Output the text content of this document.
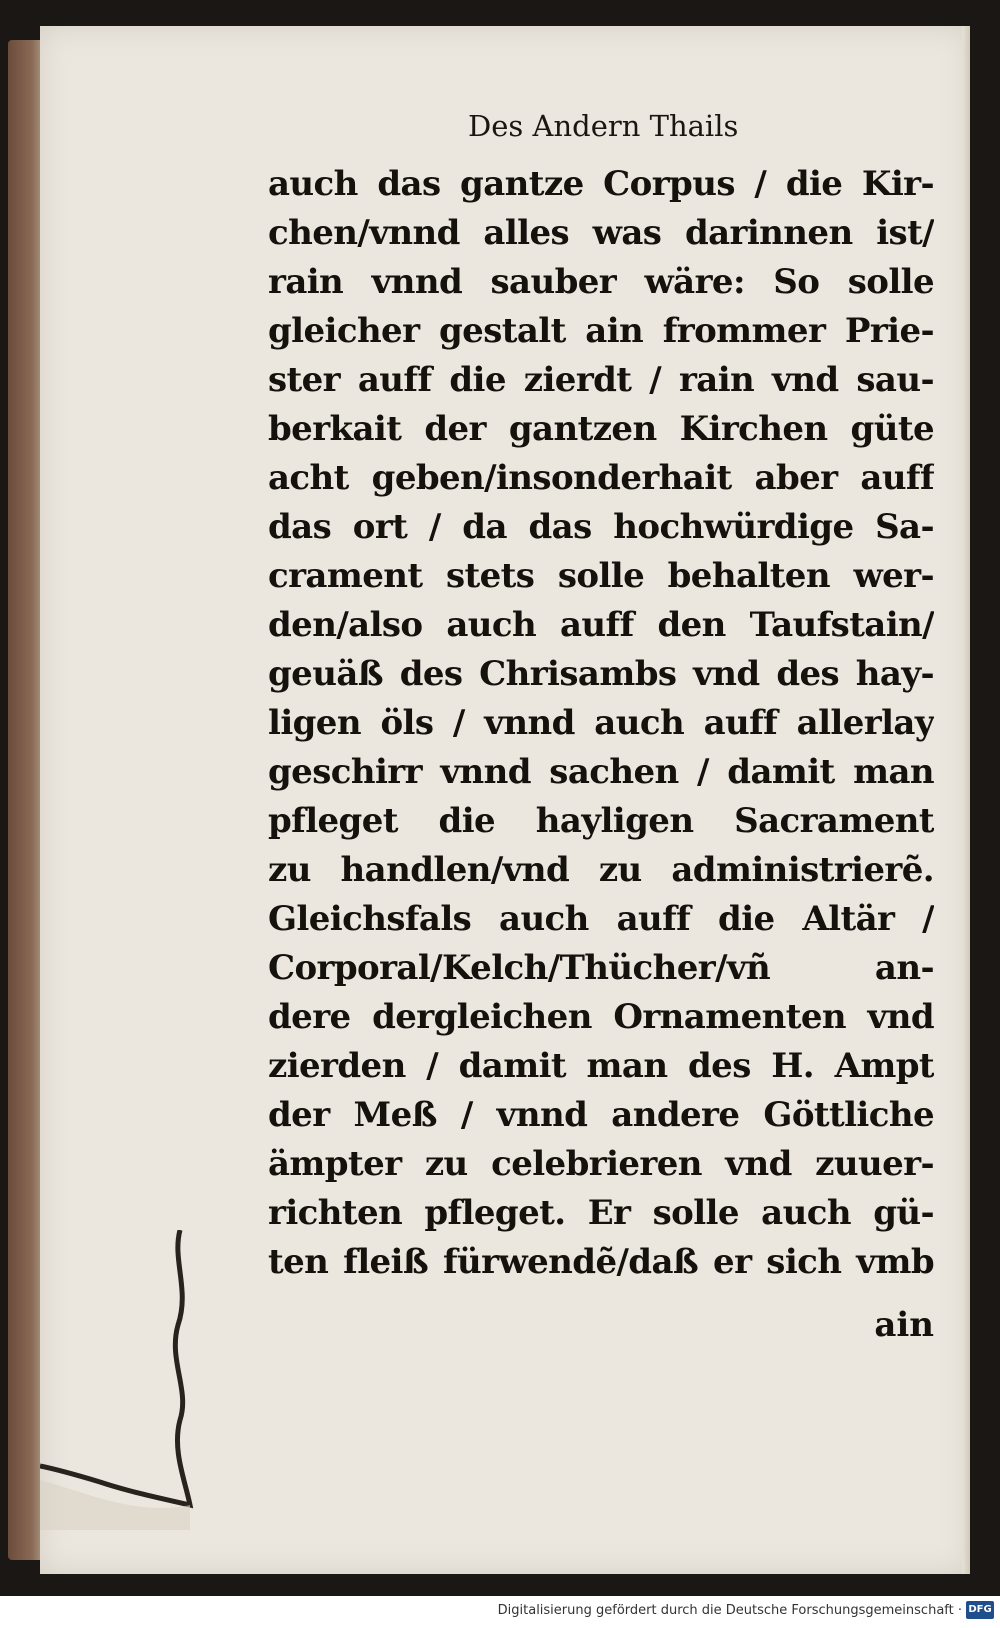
Des Andern Thails
auch das gantze Corpus / die Kir-
chen/vnnd alles was darinnen ist/
rain vnnd sauber wäre: So solle
gleicher gestalt ain frommer Prie-
ster auff die zierdt / rain vnd sau-
berkait der gantzen Kirchen güte
acht geben/insonderhait aber auff
das ort / da das hochwürdige Sa-
crament stets solle behalten wer-
den/also auch auff den Taufstain/
geuäß des Chrisambs vnd des hay-
ligen öls / vnnd auch auff allerlay
geschirr vnnd sachen / damit man
pfleget die hayligen Sacrament
zu handlen/vnd zu administrierẽ.
Gleichsfals auch auff die Altär /
Corporal/Kelch/Thücher/vñ an-
dere dergleichen Ornamenten vnd
zierden / damit man des H. Ampt
der Meß / vnnd andere Göttliche
ämpter zu celebrieren vnd zuuer-
richten pfleget. Er solle auch gü-
ten fleiß fürwendẽ/daß er sich vmb
ain
Digitalisierung gefördert durch die Deutsche Forschungsgemeinschaft · DFG
